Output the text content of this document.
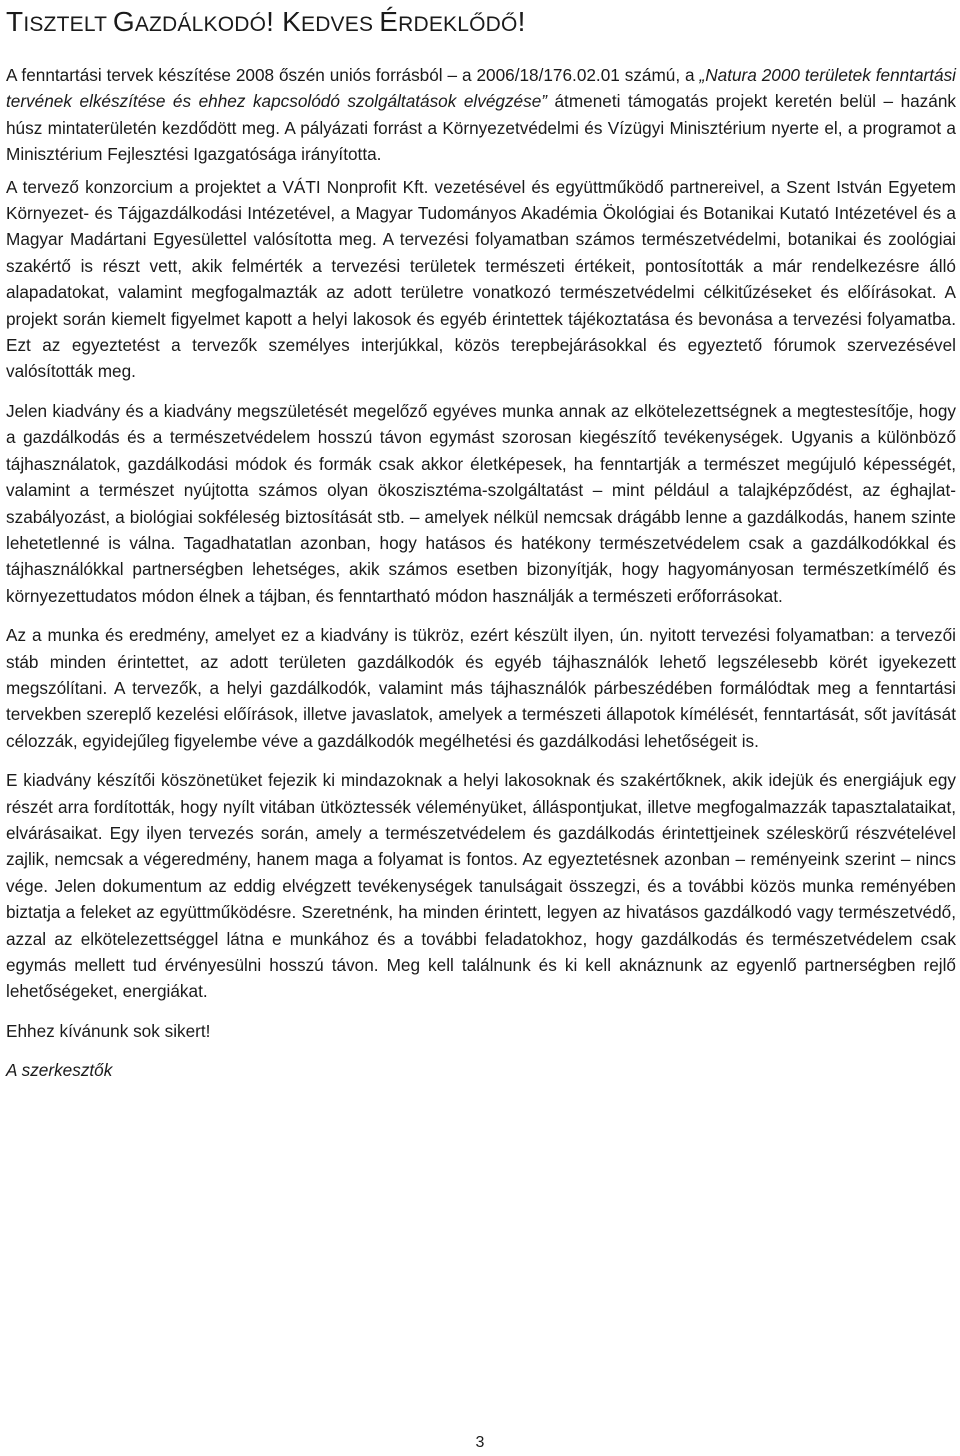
TISZTELT GAZDÁLKODÓ! KEDVES ÉRDEKLŐDŐ!

A fenntartási tervek készítése 2008 őszén uniós forrásból – a 2006/18/176.02.01 számú, a „Natura 2000 területek fenntartási tervének elkészítése és ehhez kapcsolódó szolgáltatások elvégzése” átmeneti támogatás projekt keretén belül – hazánk húsz mintaterületén kezdődött meg. A pályázati forrást a Környezetvédelmi és Vízügyi Minisztérium nyerte el, a programot a Minisztérium Fejlesztési Igazgatósága irányította.

A tervező konzorcium a projektet a VÁTI Nonprofit Kft. vezetésével és együttműködő partnereivel, a Szent István Egyetem Környezet- és Tájgazdálkodási Intézetével, a Magyar Tudományos Akadémia Ökológiai és Botanikai Kutató Intézetével és a Magyar Madártani Egyesülettel valósította meg. A tervezési folyamatban számos természetvédelmi, botanikai és zoológiai szakértő is részt vett, akik felmérték a tervezési területek természeti értékeit, pontosították a már rendelkezésre álló alapadatokat, valamint megfogalmazták az adott területre vonatkozó természetvédelmi célkitűzéseket és előírásokat. A projekt során kiemelt figyelmet kapott a helyi lakosok és egyéb érintettek tájékoztatása és bevonása a tervezési folyamatba. Ezt az egyeztetést a tervezők személyes interjúkkal, közös terepbejárásokkal és egyeztető fórumok szervezésével valósították meg.

Jelen kiadvány és a kiadvány megszületését megelőző egyéves munka annak az elkötelezettségnek a megtestesítője, hogy a gazdálkodás és a természetvédelem hosszú távon egymást szorosan kiegészítő tevékenységek. Ugyanis a különböző tájhasználatok, gazdálkodási módok és formák csak akkor életképesek, ha fenntartják a természet megújuló képességét, valamint a természet nyújtotta számos olyan ökoszisztéma-szolgáltatást – mint például a talajképződést, az éghajlat-szabályozást, a biológiai sokféleség biztosítását stb. – amelyek nélkül nemcsak drágább lenne a gazdálkodás, hanem szinte lehetetlenné is válna. Tagadhatatlan azonban, hogy hatásos és hatékony természetvédelem csak a gazdálkodókkal és tájhasználókkal partnerségben lehetséges, akik számos esetben bizonyítják, hogy hagyományosan természetkímélő és környezettudatos módon élnek a tájban, és fenntartható módon használják a természeti erőforrásokat.

Az a munka és eredmény, amelyet ez a kiadvány is tükröz, ezért készült ilyen, ún. nyitott tervezési folyamatban: a tervezői stáb minden érintettet, az adott területen gazdálkodók és egyéb tájhasználók lehető legszélesebb körét igyekezett megszólítani. A tervezők, a helyi gazdálkodók, valamint más tájhasználók párbeszédében formálódtak meg a fenntartási tervekben szereplő kezelési előírások, illetve javaslatok, amelyek a természeti állapotok kímélését, fenntartását, sőt javítását célozzák, egyidejűleg figyelembe véve a gazdálkodók megélhetési és gazdálkodási lehetőségeit is.

E kiadvány készítői köszönetüket fejezik ki mindazoknak a helyi lakosoknak és szakértőknek, akik idejük és energiájuk egy részét arra fordították, hogy nyílt vitában ütköztessék véleményüket, álláspontjukat, illetve megfogalmazzák tapasztalataikat, elvárásaikat. Egy ilyen tervezés során, amely a természetvédelem és gazdálkodás érintettjeinek széleskörű részvételével zajlik, nemcsak a végeredmény, hanem maga a folyamat is fontos. Az egyeztetésnek azonban – reményeink szerint – nincs vége. Jelen dokumentum az eddig elvégzett tevékenységek tanulságait összegzi, és a további közös munka reményében biztatja a feleket az együttműködésre. Szeretnénk, ha minden érintett, legyen az hivatásos gazdálkodó vagy természetvédő, azzal az elkötelezettséggel látna e munkához és a további feladatokhoz, hogy gazdálkodás és természetvédelem csak egymás mellett tud érvényesülni hosszú távon. Meg kell találnunk és ki kell aknáznunk az egyenlő partnerségben rejlő lehetőségeket, energiákat.

Ehhez kívánunk sok sikert!

A szerkesztők

3
